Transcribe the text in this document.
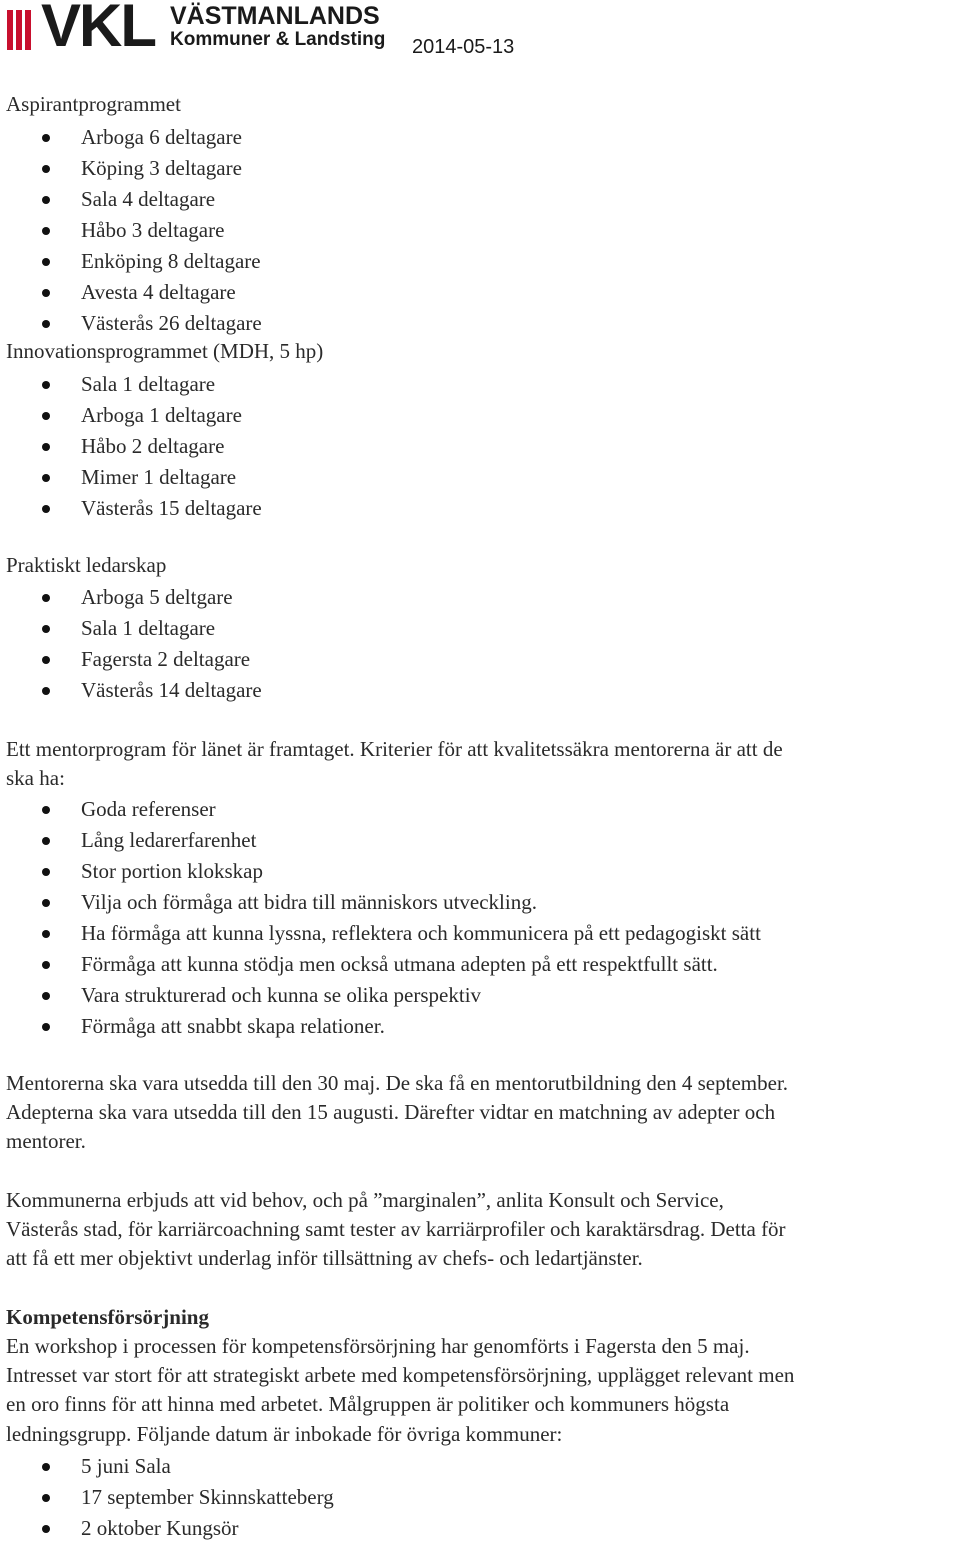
VKL VÄSTMANLANDS
Kommuner & Landsting 2014-05-13

Aspirantprogrammet

Arboga 6 deltagare
Köping 3 deltagare
Sala 4 deltagare
Håbo 3 deltagare
Enköping 8 deltagare
Avesta 4 deltagare
Västerås 26 deltagare

Innovationsprogrammet (MDH, 5 hp)

Sala 1 deltagare
Arboga 1 deltagare
Håbo 2 deltagare
Mimer 1 deltagare
Västerås 15 deltagare

Praktiskt ledarskap

Arboga 5 deltgare
Sala 1 deltagare
Fagersta 2 deltagare
Västerås 14 deltagare

Ett mentorprogram för länet är framtaget. Kriterier för att kvalitetssäkra mentorerna är att de

ska ha:

Goda referenser
Lång ledarerfarenhet
Stor portion klokskap
Vilja och förmåga att bidra till människors utveckling.
Ha förmåga att kunna lyssna, reflektera och kommunicera på ett pedagogiskt sätt
Förmåga att kunna stödja men också utmana adepten på ett respektfullt sätt.
Vara strukturerad och kunna se olika perspektiv
Förmåga att snabbt skapa relationer.

Mentorerna ska vara utsedda till den 30 maj. De ska få en mentorutbildning den 4 september.

Adepterna ska vara utsedda till den 15 augusti. Därefter vidtar en matchning av adepter och

mentorer.

Kommunerna erbjuds att vid behov, och på ”marginalen”, anlita Konsult och Service,

Västerås stad, för karriärcoachning samt tester av karriärprofiler och karaktärsdrag. Detta för

att få ett mer objektivt underlag inför tillsättning av chefs- och ledartjänster.

Kompetensförsörjning

En workshop i processen för kompetensförsörjning har genomförts i Fagersta den 5 maj.

Intresset var stort för att strategiskt arbete med kompetensförsörjning, upplägget relevant men

en oro finns för att hinna med arbetet. Målgruppen är politiker och kommuners högsta

ledningsgrupp. Följande datum är inbokade för övriga kommuner:

5 juni Sala
17 september Skinnskatteberg
2 oktober Kungsör
